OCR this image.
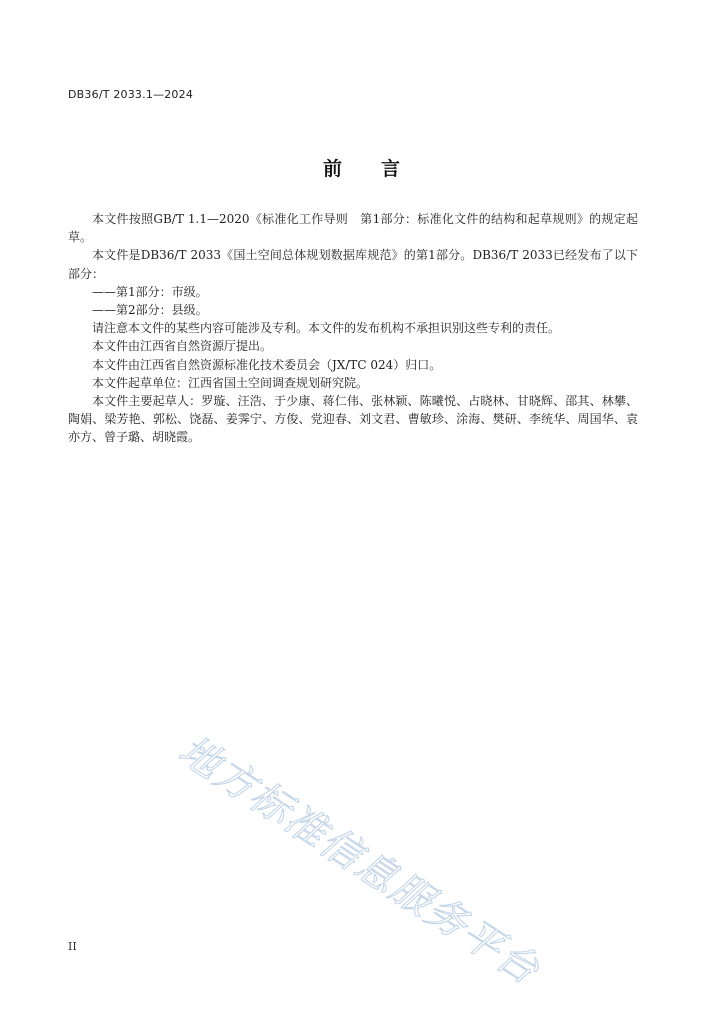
DB36/T 2033.1—2024
前 言

本文件按照GB/T 1.1—2020《标准化工作导则　第1部分：标准化文件的结构和起草规则》的规定起草。

本文件是DB36/T 2033《国土空间总体规划数据库规范》的第1部分。DB36/T 2033已经发布了以下部分：

——第1部分：市级。

——第2部分：县级。

请注意本文件的某些内容可能涉及专利。本文件的发布机构不承担识别这些专利的责任。

本文件由江西省自然资源厅提出。

本文件由江西省自然资源标准化技术委员会（JX/TC 024）归口。

本文件起草单位：江西省国土空间调查规划研究院。

本文件主要起草人：罗璇、汪浩、于少康、蒋仁伟、张林颖、陈曦悦、占晓林、甘晓辉、邵其、林攀、陶娟、梁芳艳、郭松、饶磊、姜霁宁、方俊、党迎春、刘文君、曹敏珍、涂海、樊研、李统华、周国华、袁亦方、曾子璐、胡晓霞。

地方标准信息服务平台
II
